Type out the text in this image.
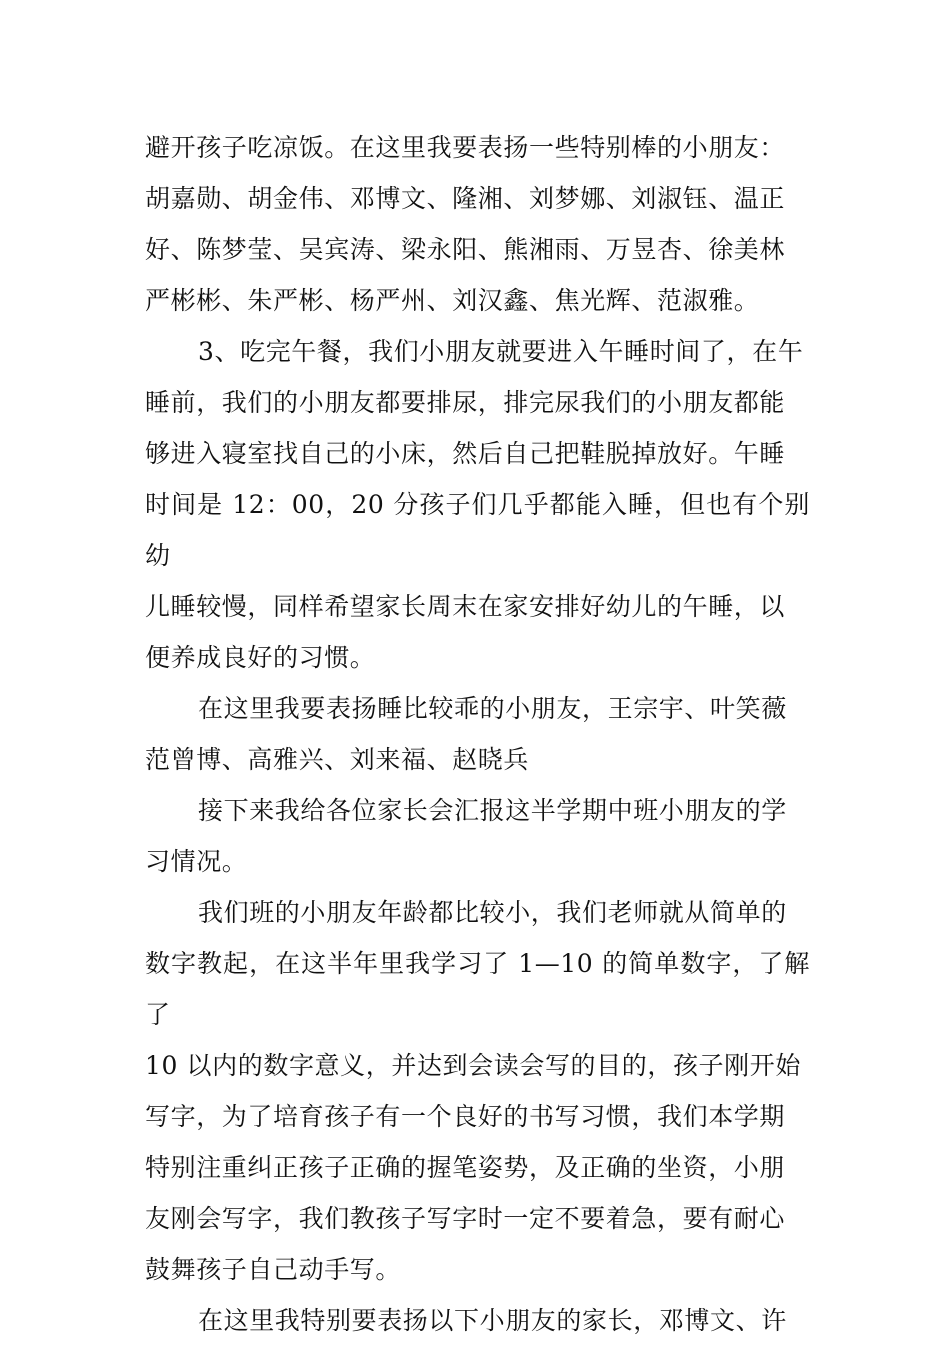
避开孩子吃凉饭。在这里我要表扬一些特别棒的小朋友：
胡嘉勋、胡金伟、邓博文、隆湘、刘梦娜、刘淑钰、温正
好、陈梦莹、吴宾涛、梁永阳、熊湘雨、万昱杏、徐美林
严彬彬、朱严彬、杨严州、刘汉鑫、焦光辉、范淑雅。

3、吃完午餐，我们小朋友就要进入午睡时间了，在午
睡前，我们的小朋友都要排尿，排完尿我们的小朋友都能
够进入寝室找自己的小床，然后自己把鞋脱掉放好。午睡
时间是 12：00，20 分孩子们几乎都能入睡，但也有个别幼
儿睡较慢，同样希望家长周末在家安排好幼儿的午睡，以
便养成良好的习惯。

在这里我要表扬睡比较乖的小朋友，王宗宇、叶笑薇
范曾博、高雅兴、刘来福、赵晓兵

接下来我给各位家长会汇报这半学期中班小朋友的学
习情况。

我们班的小朋友年龄都比较小，我们老师就从简单的
数字教起，在这半年里我学习了 1—10 的简单数字，了解了
10 以内的数字意义，并达到会读会写的目的，孩子刚开始
写字，为了培育孩子有一个良好的书写习惯，我们本学期
特别注重纠正孩子正确的握笔姿势，及正确的坐资，小朋
友刚会写字，我们教孩子写字时一定不要着急，要有耐心
鼓舞孩子自己动手写。

在这里我特别要表扬以下小朋友的家长，邓博文、许
